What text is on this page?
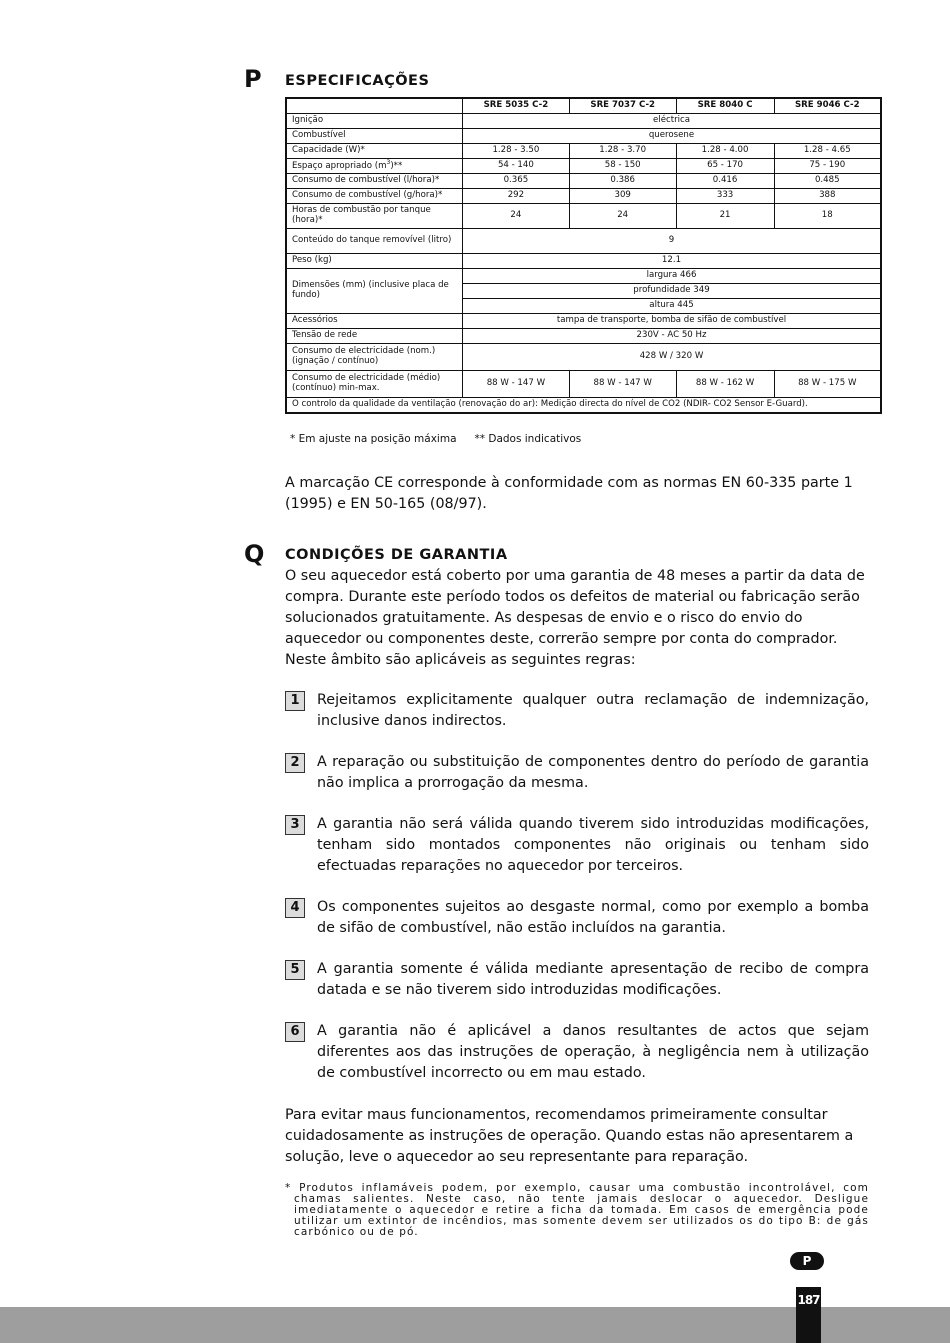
P ESPECIFICAÇÕES
	SRE 5035 C-2	SRE 7037 C-2	SRE 8040 C	SRE 9046 C-2
Ignição	eléctrica			
Combustível	querosene			
Capacidade (W)*	1.28 - 3.50	1.28 - 3.70	1.28 - 4.00	1.28 - 4.65
Espaço apropriado $(m^3)**$	54 - 140	58 - 150	65 - 170	75 - 190
Consumo de combustível (l/hora)*	0.365	0.386	0.416	0.485
Consumo de combustível (g/hora)*	292	309	333	388
Horas de combustão por tanque (hora)*	24	24	21	18
Conteúdo do tanque removível (litro)	9			
Peso (kg)	12.1			
Dimensões (mm) (inclusive placa de fundo)	largura 466			
	profundidade 349			
	altura 445			
Acessórios	tampa de transporte, bomba de sifão de combustível			
Tensão de rede	230V - AC 50 Hz			
Consumo de electricidade (nom.) (ignação / contínuo)	428 W / 320 W			
Consumo de electricidade (médio) (contínuo) min-max.	88 W - 147 W	88 W - 147 W	88 W - 162 W	88 W - 175 W
O controlo da qualidade da ventilação (renovação do ar): Medição directa do nível de CO2 (NDIR- CO2 Sensor E-Guard).				
* Em ajuste na posição máxima ** Dados indicativos
A marcação CE corresponde à conformidade com as normas EN 60-335 parte 1 (1995) e EN 50-165 (08/97).
Q CONDIÇÕES DE GARANTIA
O seu aquecedor está coberto por uma garantia de 48 meses a partir da data de compra. Durante este período todos os defeitos de material ou fabricação serão solucionados gratuitamente. As despesas de envio e o risco do envio do aquecedor ou componentes deste, correrão sempre por conta do comprador. Neste âmbito são aplicáveis as seguintes regras:
1	Rejeitamos explicitamente qualquer outra reclamação de indemnização, inclusive danos indirectos.
2	A reparação ou substituição de componentes dentro do período de garantia não implica a prorrogação da mesma.
3	A garantia não será válida quando tiverem sido introduzidas modificações, tenham sido montados componentes não originais ou tenham sido efectuadas reparações no aquecedor por terceiros.
4	Os componentes sujeitos ao desgaste normal, como por exemplo a bomba de sifão de combustível, não estão incluídos na garantia.
5	A garantia somente é válida mediante apresentação de recibo de compra datada e se não tiverem sido introduzidas modificações.
6	A garantia não é aplicável a danos resultantes de actos que sejam diferentes aos das instruções de operação, à negligência nem à utilização de combustível incorrecto ou em mau estado.
Para evitar maus funcionamentos, recomendamos primeiramente consultar cuidadosamente as instruções de operação. Quando estas não apresentarem a solução, leve o aquecedor ao seu representante para reparação.
* Produtos inflamáveis podem, por exemplo, causar uma combustão incontrolável, com chamas salientes. Neste caso, não tente jamais deslocar o aquecedor. Desligue imediatamente o aquecedor e retire a ficha da tomada. Em casos de emergência pode utilizar um extintor de incêndios, mas somente devem ser utilizados os do tipo B: de gás carbónico ou de pó.
P
187
